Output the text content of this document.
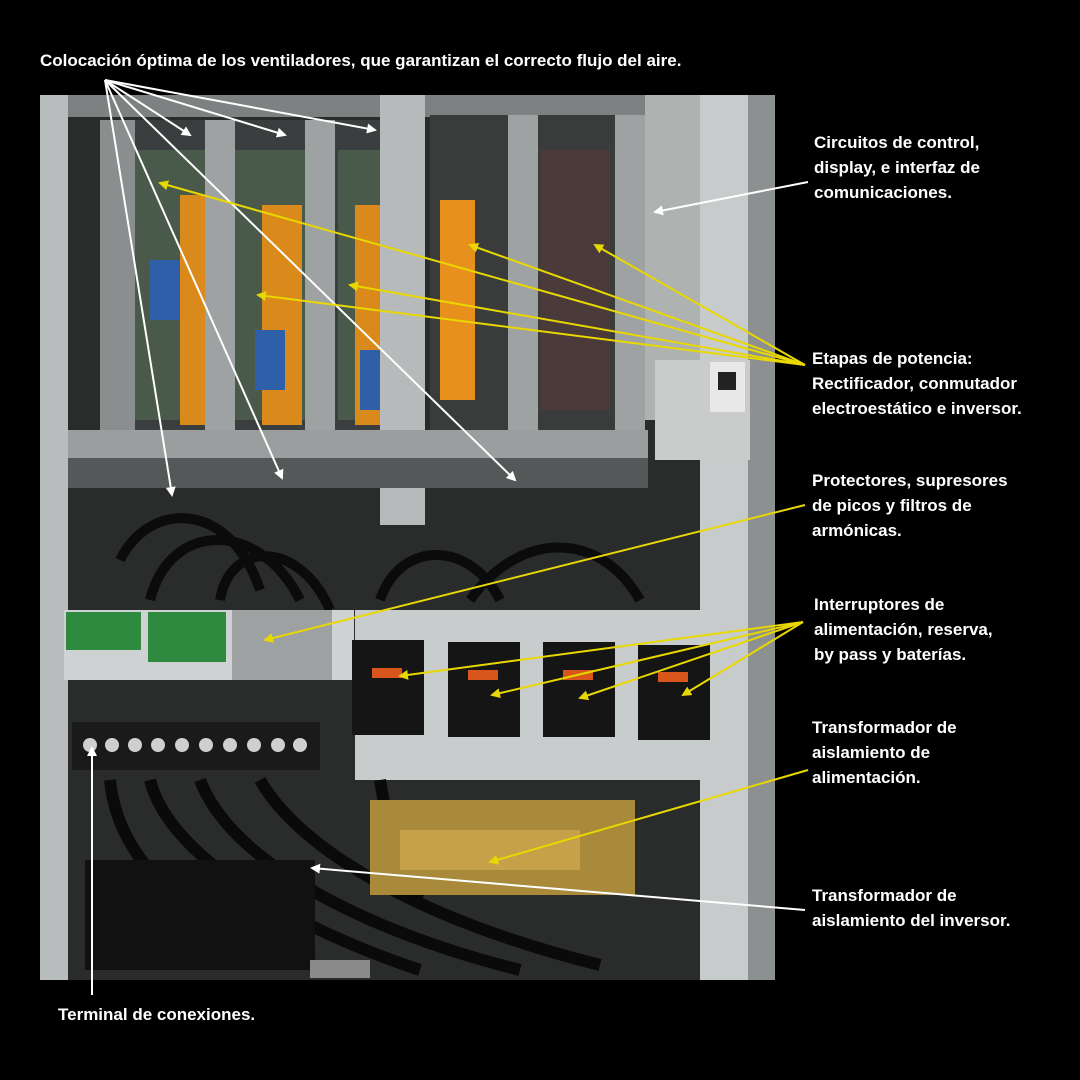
Colocación óptima de los ventiladores, que garantizan el correcto flujo del aire.
Circuitos de control,
display, e interfaz de
comunicaciones.
Etapas de potencia:
Rectificador, conmutador
electroestático e inversor.
Protectores, supresores
de picos y filtros de
armónicas.
Interruptores de
alimentación, reserva,
by pass y baterías.
Transformador de
aislamiento de
alimentación.
Transformador de
aislamiento del inversor.
Terminal de conexiones.
